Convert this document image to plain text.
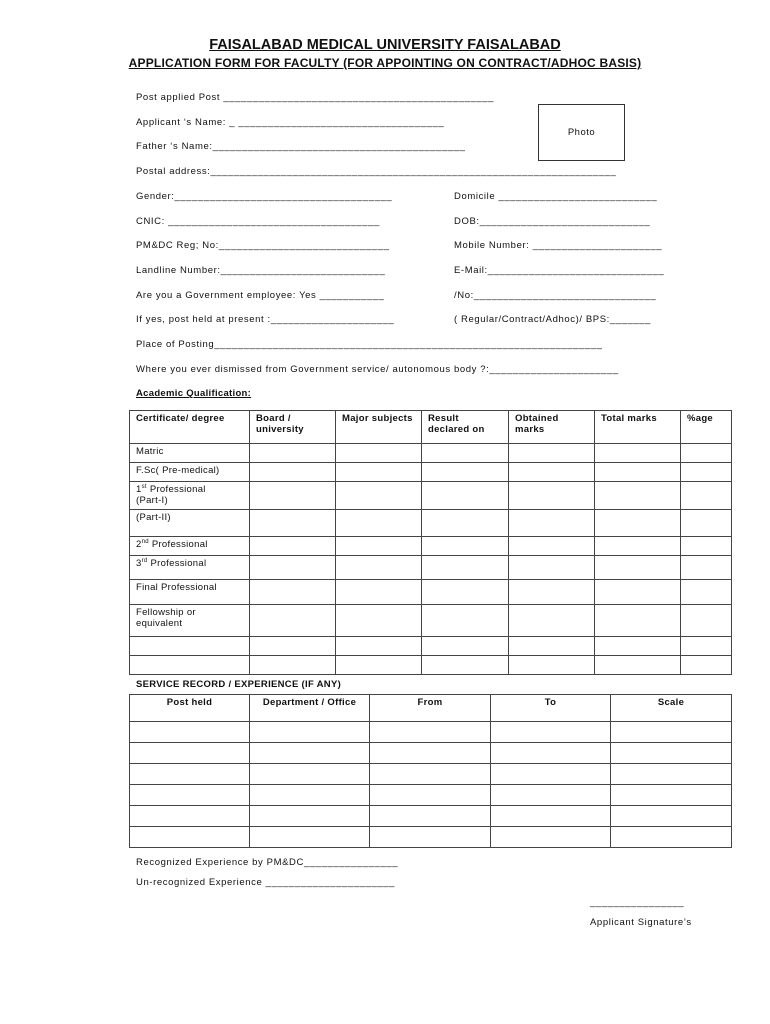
FAISALABAD MEDICAL UNIVERSITY FAISALABAD
APPLICATION FORM FOR FACULTY (FOR APPOINTING ON CONTRACT/ADHOC BASIS)
Photo
Post applied Post ______________________________________________
Applicant ‘s Name: _ ___________________________________
Father ‘s Name:___________________________________________
Postal address:_____________________________________________________________________
Gender:_____________________________________	Domicile ___________________________
CNIC: ____________________________________	DOB:_____________________________
PM&DC Reg; No:_____________________________	Mobile Number: ______________________
Landline Number:____________________________	E-Mail:______________________________
Are you a Government employee: Yes ___________	/No:_______________________________
If yes, post held at present :_____________________	( Regular/Contract/Adhoc)/ BPS:_______
Place of Posting__________________________________________________________________
Where you ever dismissed from Government service/ autonomous body ?:______________________
Academic Qualification:
Certificate/ degree	Board / university	Major subjects	Result declared on	Obtained marks	Total marks	%age
Matric						
F.Sc( Pre-medical)						
1st Professional
(Part-I)						
(Part-II)						
2nd Professional						
3rd Professional						
Final Professional						
Fellowship or equivalent						

SERVICE RECORD / EXPERIENCE (IF ANY)
Post held	Department / Office	From	To	Scale

Recognized Experience by PM&DC________________
Un-recognized Experience ______________________
________________
Applicant Signature’s
